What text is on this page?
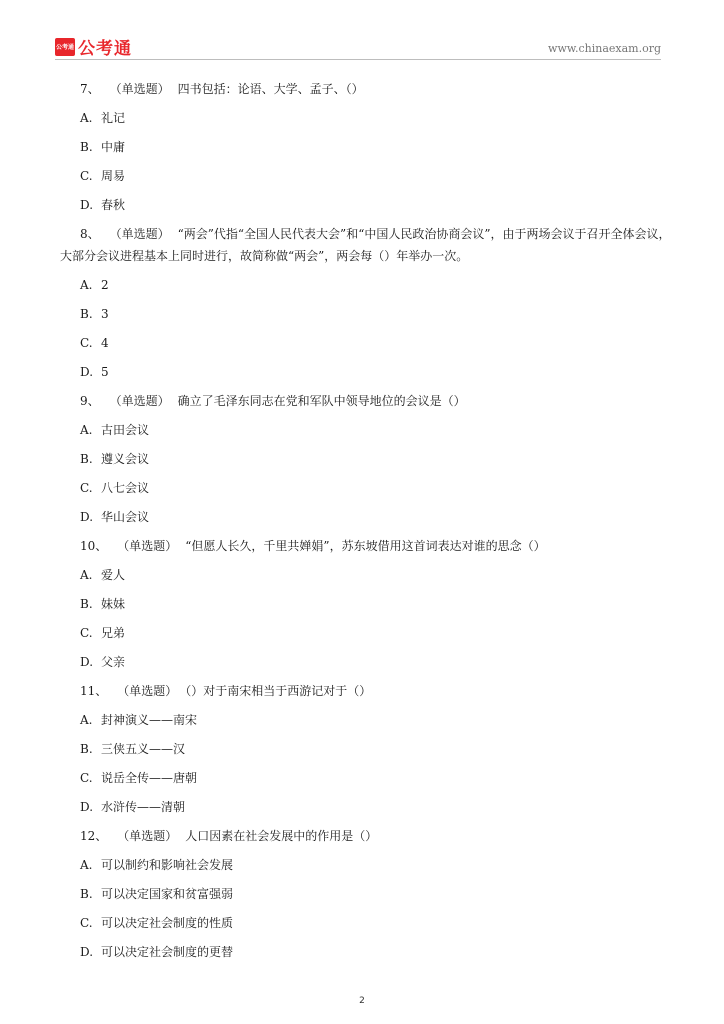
公考通 公考通	www.chinaexam.org
7、 （单选题） 四书包括：论语、大学、孟子、（）
A. 礼记
B. 中庸
C. 周易
D. 春秋
8、 （单选题） “两会”代指“全国人民代表大会”和“中国人民政治协商会议”，由于两场会议于召开全体会议，大部分会议进程基本上同时进行，故简称做“两会”，两会每（）年举办一次。
A. 2
B. 3
C. 4
D. 5
9、 （单选题） 确立了毛泽东同志在党和军队中领导地位的会议是（）
A. 古田会议
B. 遵义会议
C. 八七会议
D. 华山会议
10、 （单选题） “但愿人长久，千里共婵娟”，苏东坡借用这首词表达对谁的思念（）
A. 爱人
B. 妹妹
C. 兄弟
D. 父亲
11、 （单选题） （）对于南宋相当于西游记对于（）
A. 封神演义——南宋
B. 三侠五义——汉
C. 说岳全传——唐朝
D. 水浒传——清朝
12、 （单选题） 人口因素在社会发展中的作用是（）
A. 可以制约和影响社会发展
B. 可以决定国家和贫富强弱
C. 可以决定社会制度的性质
D. 可以决定社会制度的更替
2
